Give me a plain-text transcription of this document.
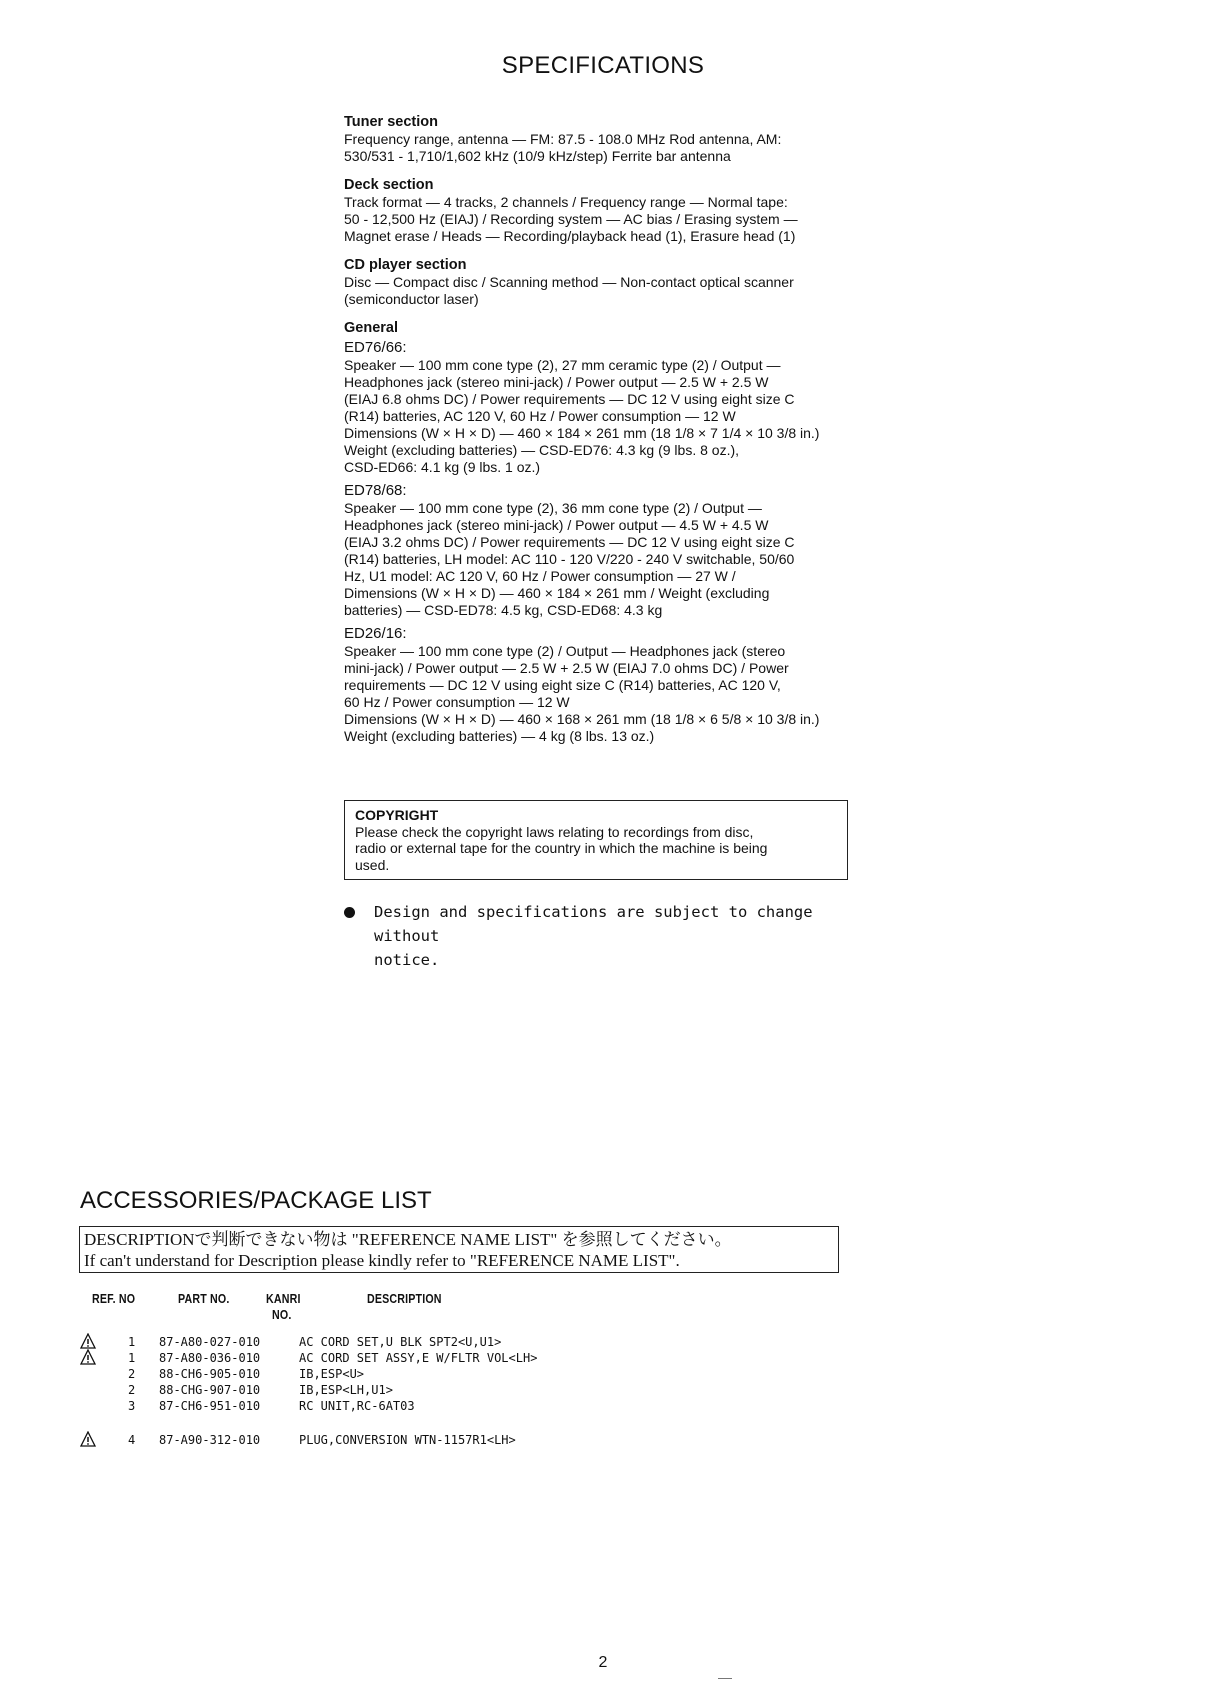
SPECIFICATIONS
Tuner section
Frequency range, antenna — FM: 87.5 - 108.0 MHz Rod antenna, AM:
530/531 - 1,710/1,602 kHz (10/9 kHz/step) Ferrite bar antenna
Deck section
Track format — 4 tracks, 2 channels / Frequency range — Normal tape:
50 - 12,500 Hz (EIAJ) / Recording system — AC bias / Erasing system —
Magnet erase / Heads — Recording/playback head (1), Erasure head (1)
CD player section
Disc — Compact disc / Scanning method — Non-contact optical scanner
(semiconductor laser)
General
ED76/66:
Speaker — 100 mm cone type (2), 27 mm ceramic type (2) / Output —
Headphones jack (stereo mini-jack) / Power output — 2.5 W + 2.5 W
(EIAJ 6.8 ohms DC) / Power requirements — DC 12 V using eight size C
(R14) batteries, AC 120 V, 60 Hz / Power consumption — 12 W
Dimensions (W × H × D) — 460 × 184 × 261 mm (18 1/8 × 7 1/4 × 10 3/8 in.)
Weight (excluding batteries) — CSD-ED76: 4.3 kg (9 lbs. 8 oz.),
CSD-ED66: 4.1 kg (9 lbs. 1 oz.)
ED78/68:
Speaker — 100 mm cone type (2), 36 mm cone type (2) / Output —
Headphones jack (stereo mini-jack) / Power output — 4.5 W + 4.5 W
(EIAJ 3.2 ohms DC) / Power requirements — DC 12 V using eight size C
(R14) batteries, LH model: AC 110 - 120 V/220 - 240 V switchable, 50/60
Hz, U1 model: AC 120 V, 60 Hz / Power consumption — 27 W /
Dimensions (W × H × D) — 460 × 184 × 261 mm / Weight (excluding
batteries) — CSD-ED78: 4.5 kg, CSD-ED68: 4.3 kg
ED26/16:
Speaker — 100 mm cone type (2) / Output — Headphones jack (stereo
mini-jack) / Power output — 2.5 W + 2.5 W (EIAJ 7.0 ohms DC) / Power
requirements — DC 12 V using eight size C (R14) batteries, AC 120 V,
60 Hz / Power consumption — 12 W
Dimensions (W × H × D) — 460 × 168 × 261 mm (18 1/8 × 6 5/8 × 10 3/8 in.)
Weight (excluding batteries) — 4 kg (8 lbs. 13 oz.)
COPYRIGHT
Please check the copyright laws relating to recordings from disc,
radio or external tape for the country in which the machine is being
used.
Design and specifications are subject to change without
notice.
ACCESSORIES/PACKAGE LIST
DESCRIPTIONで判断できない物は "REFERENCE NAME LIST" を参照してください。
If can't understand for Description please kindly refer to "REFERENCE NAME LIST".
REF. NO	PART NO.	KANRI
NO.
DESCRIPTION
1 87-A80-027-010	AC CORD SET,U BLK SPT2<U,U1>
1 87-A80-036-010	AC CORD SET ASSY,E W/FLTR VOL<LH>
2 88-CH6-905-010	IB,ESP<U>
2 88-CHG-907-010	IB,ESP<LH,U1>
3 87-CH6-951-010	RC UNIT,RC-6AT03
4 87-A90-312-010	PLUG,CONVERSION WTN-1157R1<LH>
2
